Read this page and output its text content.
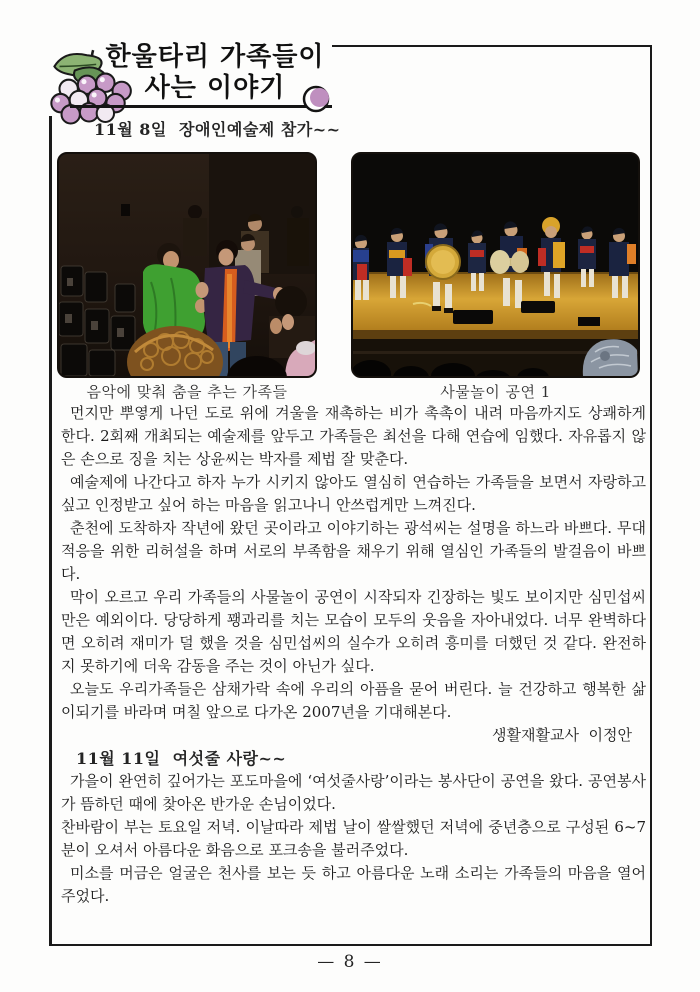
한울타리 가족들이
사는 이야기
11월 8일  장애인예술제 참가~~
음악에 맞춰 춤을 추는 가족들	사물놀이 공연 1

먼지만 뿌옇게 나던 도로 위에 겨울을 재촉하는 비가 촉촉이 내려 마음까지도 상쾌하게 한다. 2회째 개최되는 예술제를 앞두고 가족들은 최선을 다해 연습에 임했다. 자유롭지 않은 손으로 징을 치는 상윤씨는 박자를 제법 잘 맞춘다.

예술제에 나간다고 하자 누가 시키지 않아도 열심히 연습하는 가족들을 보면서 자랑하고 싶고 인정받고 싶어 하는 마음을 읽고나니 안쓰럽게만 느껴진다.

춘천에 도착하자 작년에 왔던 곳이라고 이야기하는 광석씨는 설명을 하느라 바쁘다. 무대 적응을 위한 리허설을 하며 서로의 부족함을 채우기 위해 열심인 가족들의 발걸음이 바쁘다.

막이 오르고 우리 가족들의 사물놀이 공연이 시작되자 긴장하는 빛도 보이지만 심민섭씨만은 예외이다. 당당하게 꽹과리를 치는 모습이 모두의 웃음을 자아내었다. 너무 완벽하다면 오히려 재미가 덜 했을 것을 심민섭씨의 실수가 오히려 흥미를 더했던 것 같다. 완전하지 못하기에 더욱 감동을 주는 것이 아닌가 싶다.

오늘도 우리가족들은 삼채가락 속에 우리의 아픔을 묻어 버린다. 늘 건강하고 행복한 삶이되기를 바라며 며칠 앞으로 다가온 2007년을 기대해본다.

생활재활교사  이정안

11월 11일  여섯줄 사랑~~

가을이 완연히 깊어가는 포도마을에 ‘여섯줄사랑’이라는 봉사단이 공연을 왔다. 공연봉사가 뜸하던 때에 찾아온 반가운 손님이었다.

찬바람이 부는 토요일 저녁. 이날따라 제법 날이 쌀쌀했던 저녁에 중년층으로 구성된 6~7분이 오셔서 아름다운 화음으로 포크송을 불러주었다.

미소를 머금은 얼굴은 천사를 보는 듯 하고 아름다운 노래 소리는 가족들의 마음을 열어주었다.

— 8 —
